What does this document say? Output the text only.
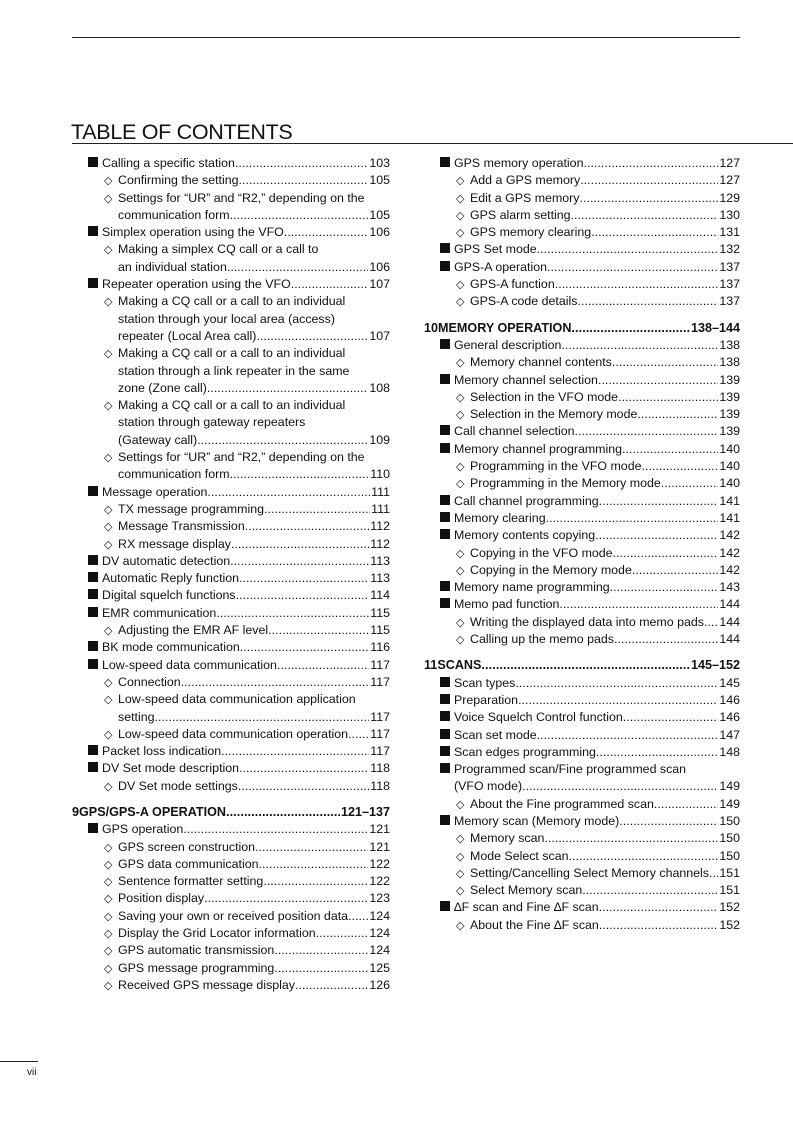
TABLE OF CONTENTS
Calling a specific station . . .	103
◇ Confirming the setting . . .	105
◇ Settings for “UR” and “R2,” depending on the
communication form . . .	105
Simplex operation using the VFO . . .	106
◇ Making a simplex CQ call or a call to
an individual station . . .	106
Repeater operation using the VFO . . .	107
◇ Making a CQ call or a call to an individual
station through your local area (access)
repeater (Local Area call) . . .	107
◇ Making a CQ call or a call to an individual
station through a link repeater in the same
zone (Zone call) . . .	108
◇ Making a CQ call or a call to an individual
station through gateway repeaters
(Gateway call) . . .	109
◇ Settings for “UR” and “R2,” depending on the
communication form . . .	110
Message operation . . .	111
◇ TX message programming . . .	111
◇ Message Transmission . . .	112
◇ RX message display . . .	112
DV automatic detection . . .	113
Automatic Reply function . . .	113
Digital squelch functions . . .	114
EMR communication . . .	115
◇ Adjusting the EMR AF level . . .	115
BK mode communication . . .	116
Low-speed data communication . . .	117
◇ Connection . . .	117
◇ Low-speed data communication application
setting . . .	117
◇ Low-speed data communication operation . . . 117
Packet loss indication . . .	117
DV Set mode description . . .	118
◇ DV Set mode settings . . .	118
9 GPS/GPS-A OPERATION . . .	121–137
GPS operation . . .	121
◇ GPS screen construction . . .	121
◇ GPS data communication . . .	122
◇ Sentence formatter setting . . .	122
◇ Position display . . .	123
◇ Saving your own or received position data . . . 124
◇ Display the Grid Locator information . . .	124
◇ GPS automatic transmission . . .	124
◇ GPS message programming . . .	125
◇ Received GPS message display . . .	126
GPS memory operation . . .	127
◇ Add a GPS memory . . .	127
◇ Edit a GPS memory . . .	129
◇ GPS alarm setting . . .	130
◇ GPS memory clearing . . .	131
GPS Set mode . . .	132
GPS-A operation . . .	137
◇ GPS-A function . . .	137
◇ GPS-A code details . . .	137
10 MEMORY OPERATION . . .	138–144
General description . . .	138
◇ Memory channel contents . . .	138
Memory channel selection . . .	139
◇ Selection in the VFO mode . . .	139
◇ Selection in the Memory mode . . .	139
Call channel selection . . .	139
Memory channel programming . . .	140
◇ Programming in the VFO mode . . .	140
◇ Programming in the Memory mode . . .	140
Call channel programming . . .	141
Memory clearing . . .	141
Memory contents copying . . .	142
◇ Copying in the VFO mode . . .	142
◇ Copying in the Memory mode . . .	142
Memory name programming . . .	143
Memo pad function . . .	144
◇ Writing the displayed data into memo pads . . . 144
◇ Calling up the memo pads . . .	144
11 SCANS . . .	145–152
Scan types . . .	145
Preparation . . .	146
Voice Squelch Control function . . .	146
Scan set mode . . .	147
Scan edges programming . . .	148
Programmed scan/Fine programmed scan
(VFO mode) . . .	149
◇ About the Fine programmed scan . . .	149
Memory scan (Memory mode) . . .	150
◇ Memory scan . . .	150
◇ Mode Select scan . . .	150
◇ Setting/Cancelling Select Memory channels . . . 151
◇ Select Memory scan . . .	151
∆F scan and Fine ∆F scan . . .	152
◇ About the Fine ∆F scan . . .	152
vii
